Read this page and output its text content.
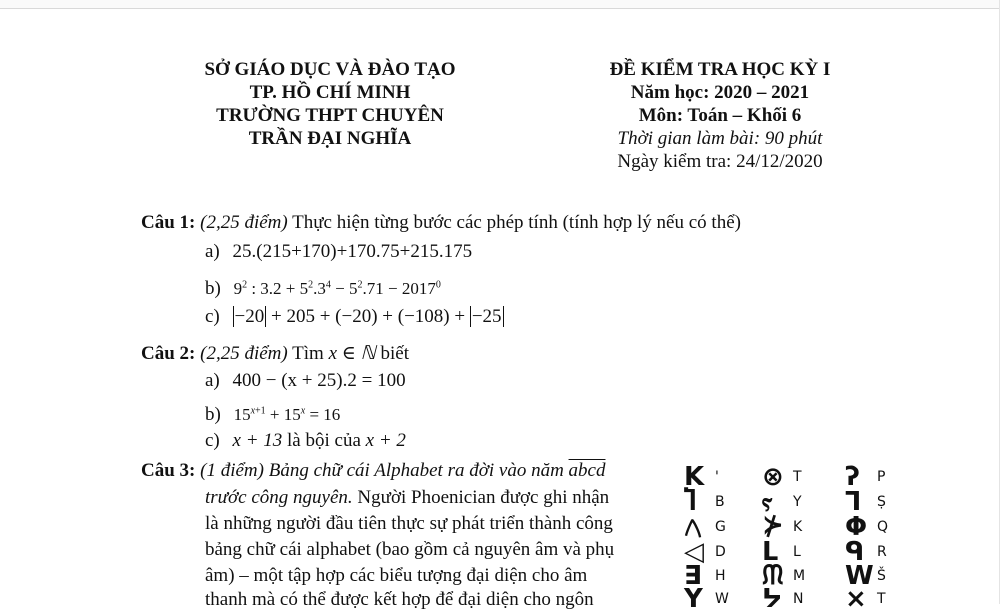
SỞ GIÁO DỤC VÀ ĐÀO TẠO
TP. HỒ CHÍ MINH
TRƯỜNG THPT CHUYÊN
TRẦN ĐẠI NGHĨA
ĐỀ KIỂM TRA HỌC KỲ I
Năm học: 2020 – 2021
Môn: Toán – Khối 6
Thời gian làm bài: 90 phút
Ngày kiểm tra: 24/12/2020
Câu 1: (2,25 điểm) Thực hiện từng bước các phép tính (tính hợp lý nếu có thể)
a) 25.(215+170)+170.75+215.175
b) $9^2$ : $3.2 + 5^2.3^4 - 5^2.71 - 2017^0$
c) −20 + 205 + (−20) + (−108) + −25
Câu 2: (2,25 điểm) Tìm x ∈ ℕ biết
a) 400 − (x + 25).2 = 100
b) $15^{x+1} + 15^x = 16$
c) x + 13 là bội của x + 2
Câu 3: (1 điểm) Bảng chữ cái Alphabet ra đời vào năm abcd
trước công nguyên. Người Phoenician được ghi nhận
là những người đầu tiên thực sự phát triển thành công
bảng chữ cái alphabet (bao gồm cả nguyên âm và phụ
âm) – một tập hợp các biểu tượng đại diện cho âm
thanh mà có thể được kết hợp để đại diện cho ngôn
K ' ⊗ T ʔ P
Ⴈ B ⲋ Y ᒣ Ṣ
𐤂 G ⊁ K Φ Q
◁ D ᒪ L ᑫ R
∃ H ᙏ M W Š
Y W ᔭ N × T
